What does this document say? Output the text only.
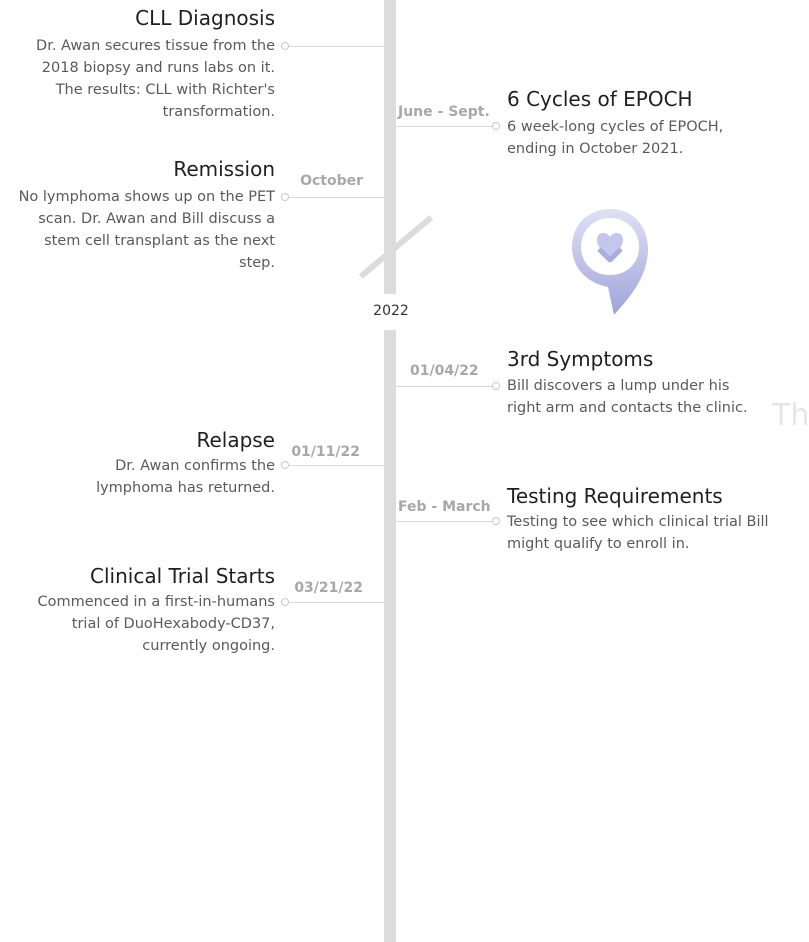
2022
CLL Diagnosis
Dr. Awan secures tissue from the 2018 biopsy and runs labs on it. The results: CLL with Richter's transformation.	June - Sept.
6 Cycles of EPOCH
6 week-long cycles of EPOCH, ending in October 2021.
October
Remission
No lymphoma shows up on the PET scan. Dr. Awan and Bill discuss a stem cell transplant as the next step.
01/04/22 3rd Symptoms
Bill discovers a lump under his right arm and contacts the clinic. Th
01/11/22
Relapse
Dr. Awan confirms the lymphoma has returned.
Feb - March Testing Requirements
Testing to see which clinical trial Bill might qualify to enroll in.
03/21/22
Clinical Trial Starts
Commenced in a first-in-humans trial of DuoHexabody-CD37, currently ongoing.
